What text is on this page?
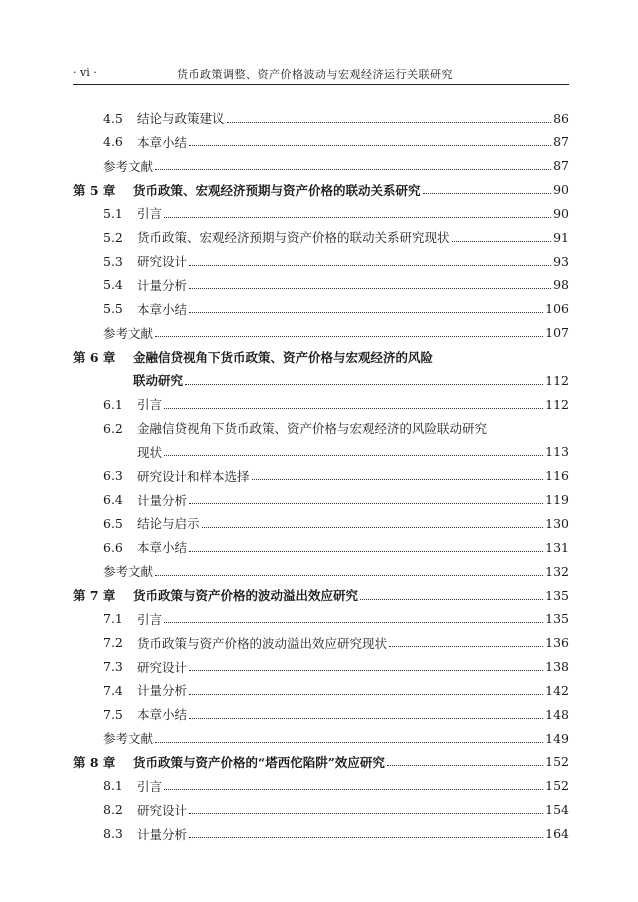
· vi ·	货币政策调整、资产价格波动与宏观经济运行关联研究
4.5	结论与政策建议	86
4.6	本章小结	87
参考文献	87
第 5 章	货币政策、宏观经济预期与资产价格的联动关系研究	90
5.1	引言	90
5.2	货币政策、宏观经济预期与资产价格的联动关系研究现状	91
5.3	研究设计	93
5.4	计量分析	98
5.5	本章小结	106
参考文献	107
第 6 章	金融信贷视角下货币政策、资产价格与宏观经济的风险
联动研究	112
6.1	引言	112
6.2	金融信贷视角下货币政策、资产价格与宏观经济的风险联动研究
现状	113
6.3	研究设计和样本选择	116
6.4	计量分析	119
6.5	结论与启示	130
6.6	本章小结	131
参考文献	132
第 7 章	货币政策与资产价格的波动溢出效应研究	135
7.1	引言	135
7.2	货币政策与资产价格的波动溢出效应研究现状	136
7.3	研究设计	138
7.4	计量分析	142
7.5	本章小结	148
参考文献	149
第 8 章	货币政策与资产价格的“塔西佗陷阱”效应研究	152
8.1	引言	152
8.2	研究设计	154
8.3	计量分析	164
